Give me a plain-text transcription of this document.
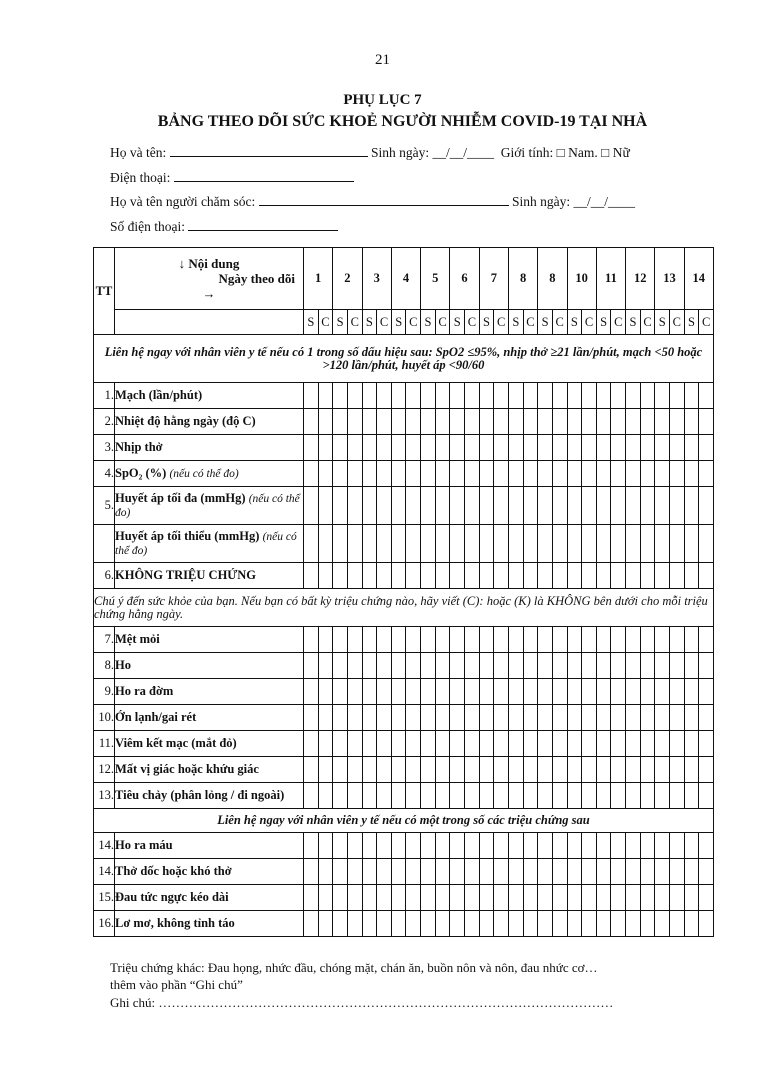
21
PHỤ LỤC 7
BẢNG THEO DÕI SỨC KHOẺ NGƯỜI NHIỄM COVID-19 TẠI NHÀ
Họ và tên:	Sinh ngày: __/__/____ Giới tính: □ Nam. □ Nữ
Điện thoại:
Họ và tên người chăm sóc:	Sinh ngày: __/__/____
Số điện thoại:
TT	↓ Nội dung
Ngày theo dõi
→	1		2		3		4		5		6		7		8		8		10		11		12		13		14	
		S	C	S	C	S	C	S	C	S	C	S	C	S	C	S	C	S	C	S	C	S	C	S	C	S	C	S	C
Liên hệ ngay với nhân viên y tế nếu có 1 trong số dấu hiệu sau: SpO2 ≤95%, nhịp thở ≥21 lần/phút, mạch <50 hoặc >120 lần/phút, huyết áp <90/60																													
1.	Mạch (lần/phút)																												
2.	Nhiệt độ hằng ngày (độ C)																												
3.	Nhịp thở																												
4.	SpO₂ (%) (nếu có thể đo)																												
5.	Huyết áp tối đa (mmHg) (nếu có thể đo)																												
	Huyết áp tối thiểu (mmHg) (nếu có thể đo)																												
6.	KHÔNG TRIỆU CHỨNG																												
Chú ý đến sức khỏe của bạn. Nếu bạn có bất kỳ triệu chứng nào, hãy viết (C): hoặc (K) là KHÔNG bên dưới cho mỗi triệu chứng hằng ngày.																													
7.	Mệt mỏi																												
8.	Ho																												
9.	Ho ra đờm																												
10.	Ớn lạnh/gai rét																												
11.	Viêm kết mạc (mắt đỏ)																												
12.	Mất vị giác hoặc khứu giác																												
13.	Tiêu chảy (phân lỏng / đi ngoài)																												
Liên hệ ngay với nhân viên y tế nếu có một trong số các triệu chứng sau																													
14.	Ho ra máu																												
14.	Thở dốc hoặc khó thở																												
15.	Đau tức ngực kéo dài																												
16.	Lơ mơ, không tỉnh táo																												
Triệu chứng khác: Đau họng, nhức đầu, chóng mặt, chán ăn, buồn nôn và nôn, đau nhức cơ…
thêm vào phần “Ghi chú”
Ghi chú: ……………………………………………………………………………………………
